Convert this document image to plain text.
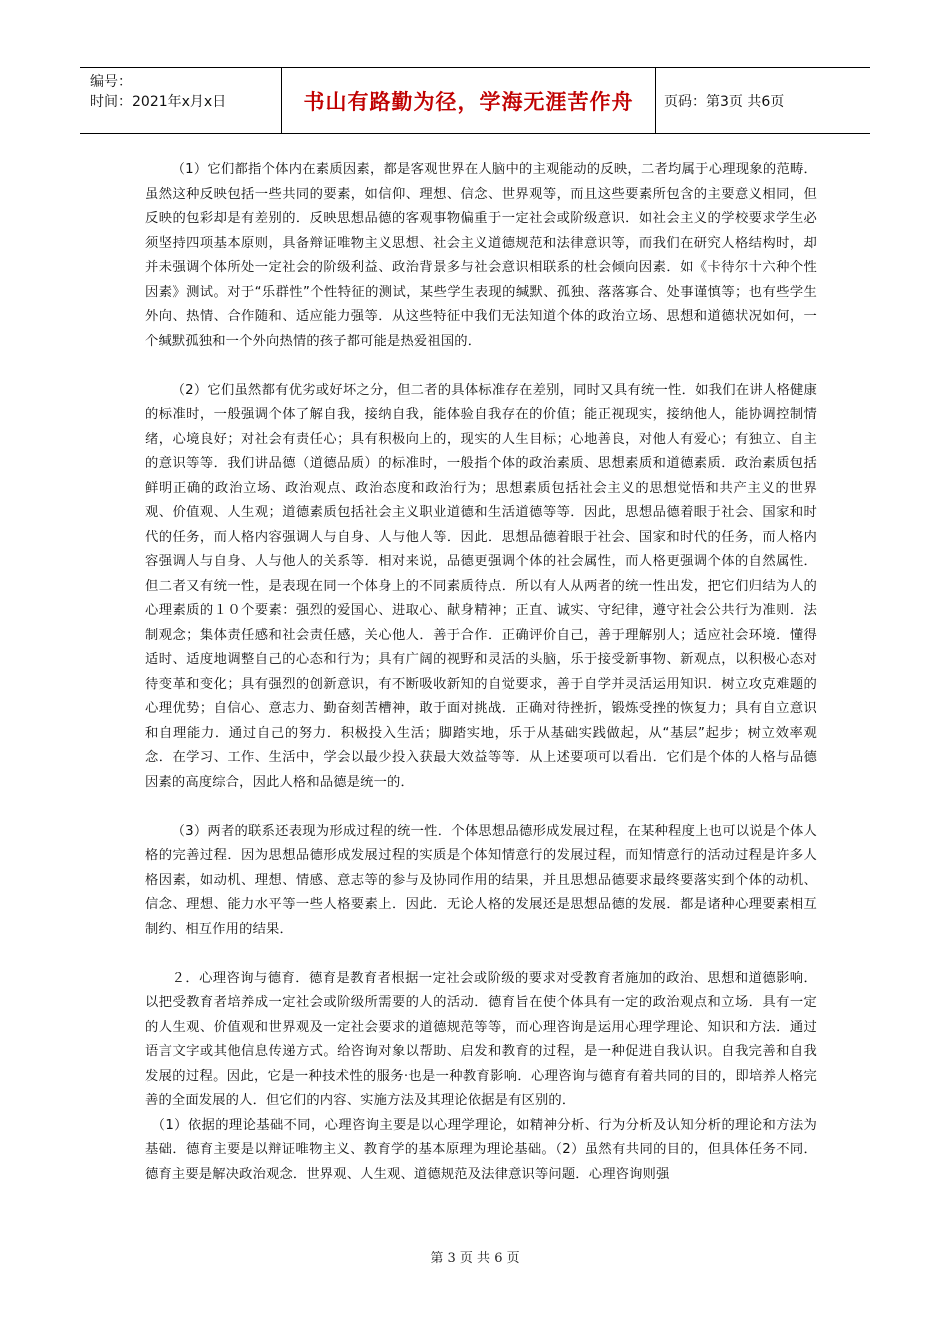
编号：
时间：2021年x月x日	书山有路勤为径，学海无涯苦作舟	页码：第3页 共6页

（1）它们都指个体内在素质因素，都是客观世界在人脑中的主观能动的反映，二者均属于心理现象的范畴．虽然这种反映包括一些共同的要素，如信仰、理想、信念、世界观等，而且这些要素所包含的主要意义相同，但反映的包彩却是有差别的．反映思想品德的客观事物偏重于一定社会或阶级意识．如社会主义的学校要求学生必须坚持四项基本原则，具备辩证唯物主义思想、社会主义道德规范和法律意识等，而我们在研究人格结构时，却并未强调个体所处一定社会的阶级利益、政治背景多与社会意识相联系的杜会倾向因素．如《卡待尔十六种个性因素》测试。对于“乐群性”个性特征的测试，某些学生表现的缄默、孤独、落落寡合、处事谨慎等；也有些学生外向、热情、合作随和、适应能力强等．从这些特征中我们无法知道个体的政治立场、思想和道德状况如何，一个缄默孤独和一个外向热情的孩子都可能是热爱祖国的．

（2）它们虽然都有优劣或好坏之分，但二者的具体标准存在差别，同时又具有统一性．如我们在讲人格健康的标准时，一般强调个体了解自我，接纳自我，能体验自我存在的价值；能正视现实，接纳他人，能协调控制情绪，心境良好；对社会有责任心；具有积极向上的，现实的人生目标；心地善良，对他人有爱心；有独立、自主的意识等等．我们讲品德（道德品质）的标准时，一般指个体的政治素质、思想素质和道德素质．政治素质包括鲜明正确的政治立场、政治观点、政治态度和政治行为；思想素质包括社会主义的思想觉悟和共产主义的世界观、价值观、人生观；道德素质包括社会主义职业道德和生活道德等等．因此，思想品德着眼于社会、国家和时代的任务，而人格内容强调人与自身、人与他人等．因此．思想品德着眼于社会、国家和时代的任务，而人格内容强调人与自身、人与他人的关系等．相对来说，品德更强调个体的社会属性，而人格更强调个体的自然属性．但二者又有统一性，是表现在同一个体身上的不同素质待点．所以有人从两者的统一性出发，把它们归结为人的心理素质的１０个要素：强烈的爱国心、进取心、献身精神；正直、诚实、守纪律，遵守社会公共行为准则．法制观念；集体责任感和社会责任感，关心他人．善于合作．正确评价自己，善于理解别人；适应社会环境．懂得适时、适度地调整自己的心态和行为；具有广阔的视野和灵活的头脑，乐于接受新事物、新观点，以积极心态对待变革和变化；具有强烈的创新意识，有不断吸收新知的自觉要求，善于自学并灵活运用知识．树立攻克难题的心理优势；自信心、意志力、勤奋刻苦槽神，敢于面对挑战．正确对待挫折，锻炼受挫的恢复力；具有自立意识和自理能力．通过自己的努力．积极投入生活；脚踏实地，乐于从基础实践做起，从“基层”起步；树立效率观念．在学习、工作、生活中，学会以最少投入获最大效益等等．从上述要项可以看出．它们是个体的人格与品德因素的高度综合，因此人格和品德是统一的．

（3）两者的联系还表现为形成过程的统一性．个体思想品德形成发展过程，在某种程度上也可以说是个体人格的完善过程．因为思想品德形成发展过程的实质是个体知情意行的发展过程，而知情意行的活动过程是许多人格因素，如动机、理想、情感、意志等的参与及协同作用的结果，并且思想品德要求最终要落实到个体的动机、信念、理想、能力水平等一些人格要素上．因此．无论人格的发展还是思想品德的发展．都是诸种心理要素相互制约、相互作用的结果．

２．心理咨询与德育．德育是教育者根据一定社会或阶级的要求对受教育者施加的政治、思想和道德影响．以把受教育者培养成一定社会或阶级所需要的人的活动．德育旨在使个体具有一定的政治观点和立场．具有一定的人生观、价值观和世界观及一定社会要求的道德规范等等，而心理咨询是运用心理学理论、知识和方法．通过语言文字或其他信息传递方式。给咨询对象以帮助、启发和教育的过程，是一种促进自我认识。自我完善和自我发展的过程。因此，它是一种技术性的服务·也是一种教育影响．心理咨询与德育有着共同的目的，即培养人格完善的全面发展的人．但它们的内容、实施方法及其理论依据是有区别的．

（1）依据的理论基础不同，心理咨询主要是以心理学理论，如精神分析、行为分析及认知分析的理论和方法为基础．德育主要是以辩证唯物主义、教育学的基本原理为理论基础。（2）虽然有共同的目的，但具体任务不同．德育主要是解决政治观念．世界观、人生观、道德规范及法律意识等问题．心理咨询则强

第 3 页 共 6 页
